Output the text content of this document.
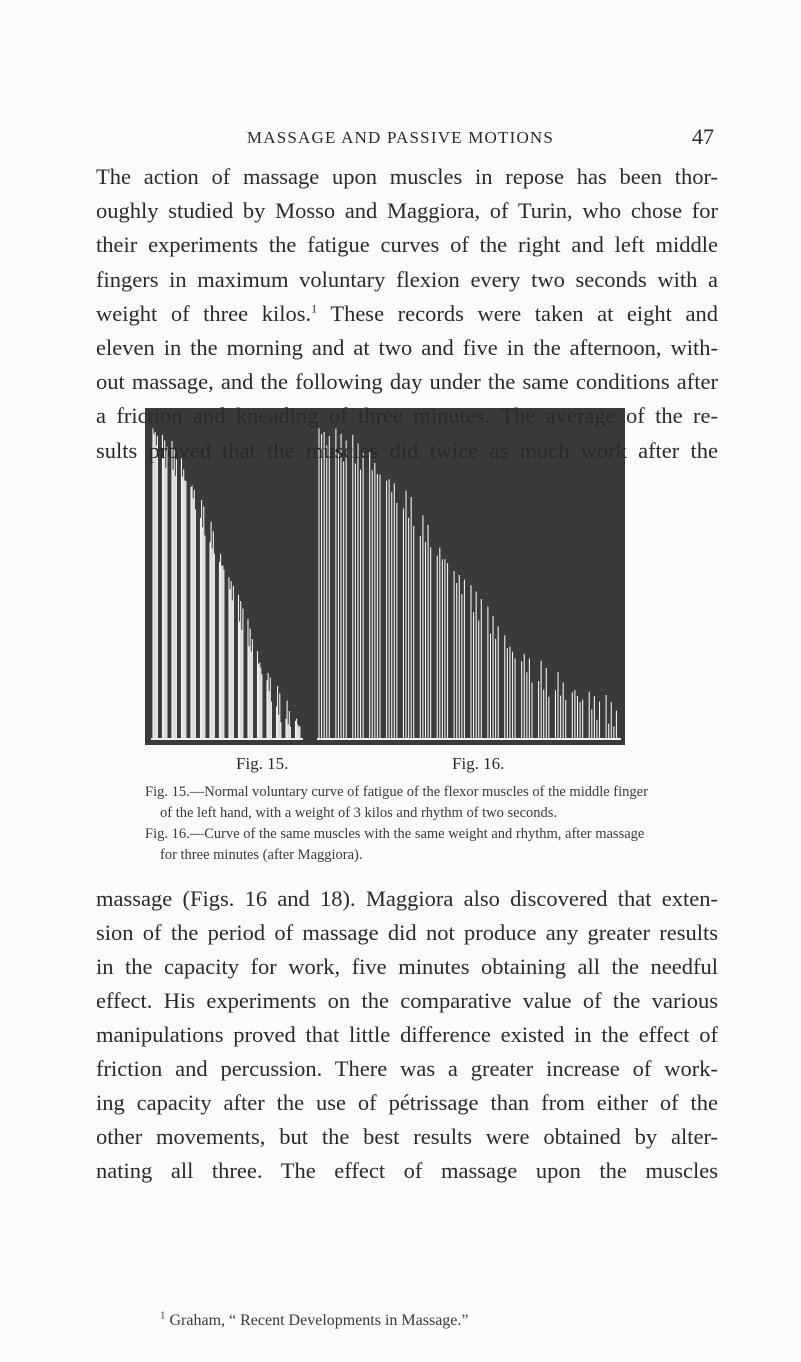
MASSAGE AND PASSIVE MOTIONS	47

The action of massage upon muscles in repose has been thor-

oughly studied by Mosso and Maggiora, of Turin, who chose for

their experiments the fatigue curves of the right and left middle

fingers in maximum voluntary flexion every two seconds with a

weight of three kilos.$^1$ These records were taken at eight and

eleven in the morning and at two and five in the afternoon, with-

out massage, and the following day under the same conditions after

Fig. 15.	Fig. 16.

Fig. 15.—Normal voluntary curve of fatigue of the flexor muscles of the middle finger

of the left hand, with a weight of 3 kilos and rhythm of two seconds.

Fig. 16.—Curve of the same muscles with the same weight and rhythm, after massage

for three minutes (after Maggiora).

massage (Figs. 16 and 18). Maggiora also discovered that exten-

sion of the period of massage did not produce any greater results

in the capacity for work, five minutes obtaining all the needful

effect. His experiments on the comparative value of the various

manipulations proved that little difference existed in the effect of

friction and percussion. There was a greater increase of work-

ing capacity after the use of pétrissage than from either of the

other movements, but the best results were obtained by alter-

nating all three. The effect of massage upon the muscles

$^1$ Graham, “ Recent Developments in Massage.”

a friction and kneading of three minutes. The average of the re-

sults proved that the muscles did twice as much work after the
